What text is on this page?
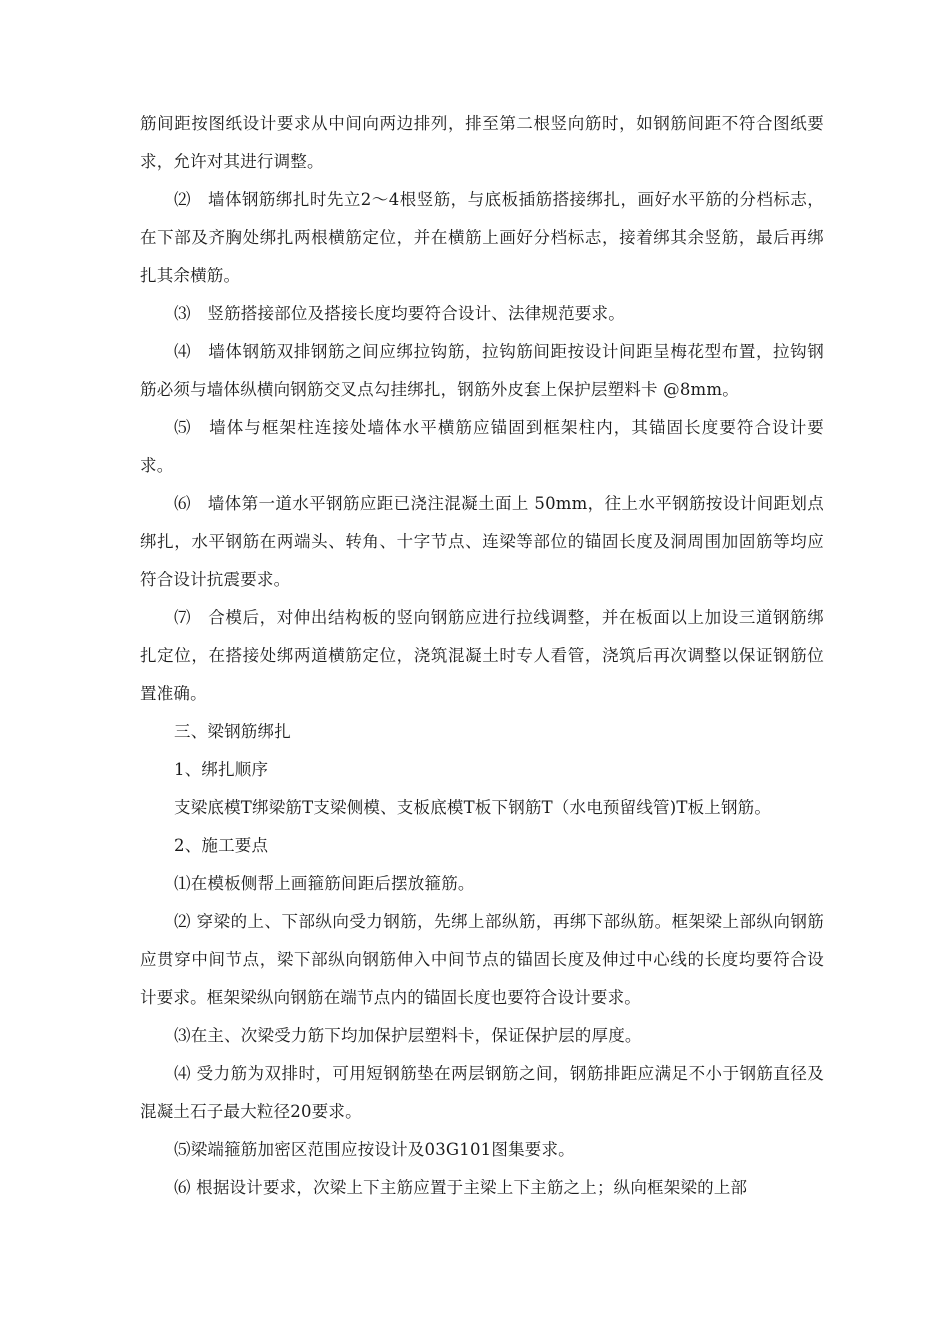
筋间距按图纸设计要求从中间向两边排列，排至第二根竖向筋时，如钢筋间距不符合图纸要求，允许对其进行调整。

⑵　墙体钢筋绑扎时先立2〜4根竖筋，与底板插筋搭接绑扎，画好水平筋的分档标志，在下部及齐胸处绑扎两根横筋定位，并在横筋上画好分档标志，接着绑其余竖筋，最后再绑扎其余横筋。

⑶　竖筋搭接部位及搭接长度均要符合设计、法律规范要求。

⑷　墙体钢筋双排钢筋之间应绑拉钩筋，拉钩筋间距按设计间距呈梅花型布置，拉钩钢筋必须与墙体纵横向钢筋交叉点勾挂绑扎，钢筋外皮套上保护层塑料卡 @8mm。

⑸　墙体与框架柱连接处墙体水平横筋应锚固到框架柱内，其锚固长度要符合设计要求。

⑹　墙体第一道水平钢筋应距已浇注混凝土面上 50mm，往上水平钢筋按设计间距划点绑扎，水平钢筋在两端头、转角、十字节点、连梁等部位的锚固长度及洞周围加固筋等均应符合设计抗震要求。

⑺　合模后，对伸出结构板的竖向钢筋应进行拉线调整，并在板面以上加设三道钢筋绑扎定位，在搭接处绑两道横筋定位，浇筑混凝土时专人看管，浇筑后再次调整以保证钢筋位置准确。

三、梁钢筋绑扎

1、绑扎顺序

支梁底模T绑梁筋T支梁侧模、支板底模T板下钢筋T（水电预留线管)T板上钢筋。

2、施工要点

⑴在模板侧帮上画箍筋间距后摆放箍筋。

⑵ 穿梁的上、下部纵向受力钢筋，先绑上部纵筋，再绑下部纵筋。框架梁上部纵向钢筋应贯穿中间节点，梁下部纵向钢筋伸入中间节点的锚固长度及伸过中心线的长度均要符合设计要求。框架梁纵向钢筋在端节点内的锚固长度也要符合设计要求。

⑶在主、次梁受力筋下均加保护层塑料卡，保证保护层的厚度。

⑷ 受力筋为双排时，可用短钢筋垫在两层钢筋之间，钢筋排距应满足不小于钢筋直径及混凝土石子最大粒径20要求。

⑸梁端箍筋加密区范围应按设计及03G101图集要求。

⑹ 根据设计要求，次梁上下主筋应置于主梁上下主筋之上；纵向框架梁的上部
